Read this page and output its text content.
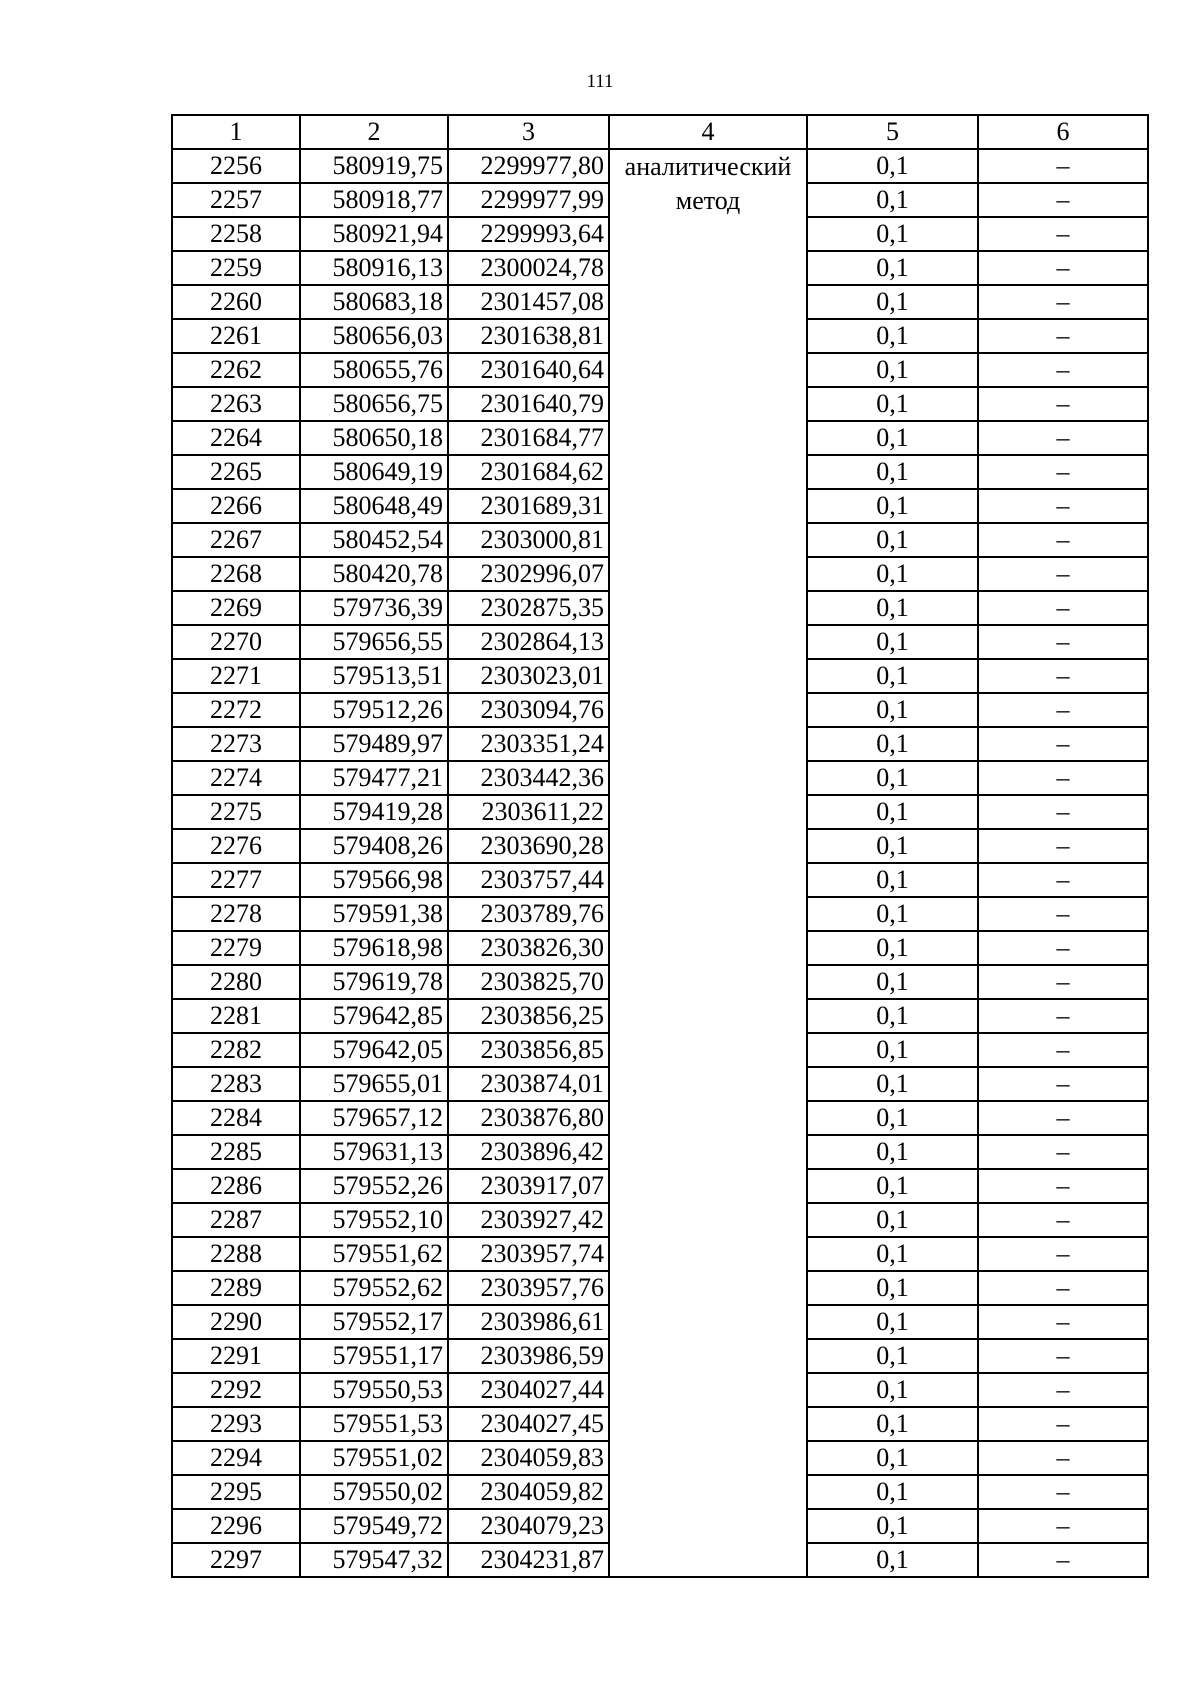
111
1	2	3	4	5	6
2256	580919,75	2299977,80	аналитический метод	0,1	–
2257	580918,77	2299977,99		0,1	–
2258	580921,94	2299993,64		0,1	–
2259	580916,13	2300024,78		0,1	–
2260	580683,18	2301457,08		0,1	–
2261	580656,03	2301638,81		0,1	–
2262	580655,76	2301640,64		0,1	–
2263	580656,75	2301640,79		0,1	–
2264	580650,18	2301684,77		0,1	–
2265	580649,19	2301684,62		0,1	–
2266	580648,49	2301689,31		0,1	–
2267	580452,54	2303000,81		0,1	–
2268	580420,78	2302996,07		0,1	–
2269	579736,39	2302875,35		0,1	–
2270	579656,55	2302864,13		0,1	–
2271	579513,51	2303023,01		0,1	–
2272	579512,26	2303094,76		0,1	–
2273	579489,97	2303351,24		0,1	–
2274	579477,21	2303442,36		0,1	–
2275	579419,28	2303611,22		0,1	–
2276	579408,26	2303690,28		0,1	–
2277	579566,98	2303757,44		0,1	–
2278	579591,38	2303789,76		0,1	–
2279	579618,98	2303826,30		0,1	–
2280	579619,78	2303825,70		0,1	–
2281	579642,85	2303856,25		0,1	–
2282	579642,05	2303856,85		0,1	–
2283	579655,01	2303874,01		0,1	–
2284	579657,12	2303876,80		0,1	–
2285	579631,13	2303896,42		0,1	–
2286	579552,26	2303917,07		0,1	–
2287	579552,10	2303927,42		0,1	–
2288	579551,62	2303957,74		0,1	–
2289	579552,62	2303957,76		0,1	–
2290	579552,17	2303986,61		0,1	–
2291	579551,17	2303986,59		0,1	–
2292	579550,53	2304027,44		0,1	–
2293	579551,53	2304027,45		0,1	–
2294	579551,02	2304059,83		0,1	–
2295	579550,02	2304059,82		0,1	–
2296	579549,72	2304079,23		0,1	–
2297	579547,32	2304231,87		0,1	–
